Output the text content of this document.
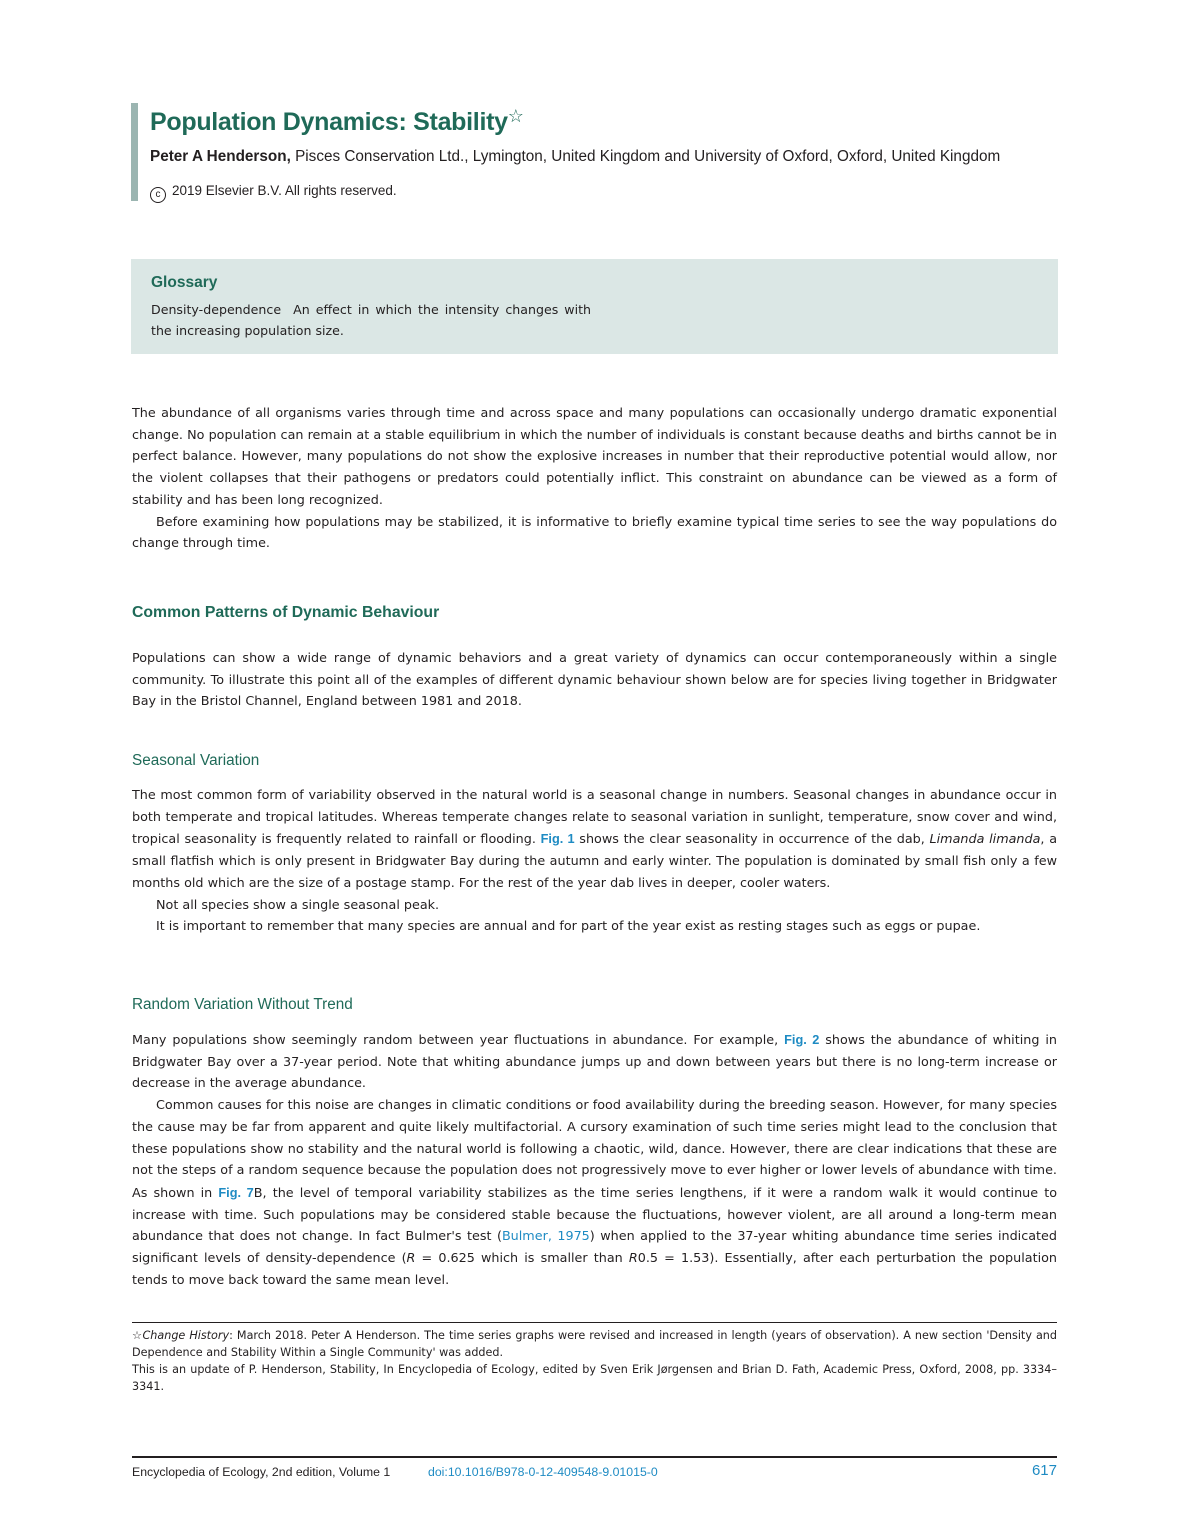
Population Dynamics: Stability☆
Peter A Henderson, Pisces Conservation Ltd., Lymington, United Kingdom and University of Oxford, Oxford, United Kingdom
c 2019 Elsevier B.V. All rights reserved.
Glossary
Density-dependence An effect in which the intensity changes with the increasing population size.

The abundance of all organisms varies through time and across space and many populations can occasionally undergo dramatic exponential change. No population can remain at a stable equilibrium in which the number of individuals is constant because deaths and births cannot be in perfect balance. However, many populations do not show the explosive increases in number that their reproductive potential would allow, nor the violent collapses that their pathogens or predators could potentially inflict. This constraint on abundance can be viewed as a form of stability and has been long recognized.

Before examining how populations may be stabilized, it is informative to briefly examine typical time series to see the way populations do change through time.

Common Patterns of Dynamic Behaviour

Populations can show a wide range of dynamic behaviors and a great variety of dynamics can occur contemporaneously within a single community. To illustrate this point all of the examples of different dynamic behaviour shown below are for species living together in Bridgwater Bay in the Bristol Channel, England between 1981 and 2018.

Seasonal Variation

The most common form of variability observed in the natural world is a seasonal change in numbers. Seasonal changes in abundance occur in both temperate and tropical latitudes. Whereas temperate changes relate to seasonal variation in sunlight, temperature, snow cover and wind, tropical seasonality is frequently related to rainfall or flooding. Fig. 1 shows the clear seasonality in occurrence of the dab, Limanda limanda, a small flatfish which is only present in Bridgwater Bay during the autumn and early winter. The population is dominated by small fish only a few months old which are the size of a postage stamp. For the rest of the year dab lives in deeper, cooler waters.

Not all species show a single seasonal peak.

It is important to remember that many species are annual and for part of the year exist as resting stages such as eggs or pupae.

Random Variation Without Trend

Many populations show seemingly random between year fluctuations in abundance. For example, Fig. 2 shows the abundance of whiting in Bridgwater Bay over a 37-year period. Note that whiting abundance jumps up and down between years but there is no long-term increase or decrease in the average abundance.

Common causes for this noise are changes in climatic conditions or food availability during the breeding season. However, for many species the cause may be far from apparent and quite likely multifactorial. A cursory examination of such time series might lead to the conclusion that these populations show no stability and the natural world is following a chaotic, wild, dance. However, there are clear indications that these are not the steps of a random sequence because the population does not progressively move to ever higher or lower levels of abundance with time. As shown in Fig. 7B, the level of temporal variability stabilizes as the time series lengthens, if it were a random walk it would continue to increase with time. Such populations may be considered stable because the fluctuations, however violent, are all around a long-term mean abundance that does not change. In fact Bulmer's test (Bulmer, 1975) when applied to the 37-year whiting abundance time series indicated significant levels of density-dependence (R = 0.625 which is smaller than R0.5 = 1.53). Essentially, after each perturbation the population tends to move back toward the same mean level.

☆Change History: March 2018. Peter A Henderson. The time series graphs were revised and increased in length (years of observation). A new section 'Density and Dependence and Stability Within a Single Community' was added.

This is an update of P. Henderson, Stability, In Encyclopedia of Ecology, edited by Sven Erik Jørgensen and Brian D. Fath, Academic Press, Oxford, 2008, pp. 3334–3341.

Encyclopedia of Ecology, 2nd edition, Volume 1	doi:10.1016/B978-0-12-409548-9.01015-0	617
